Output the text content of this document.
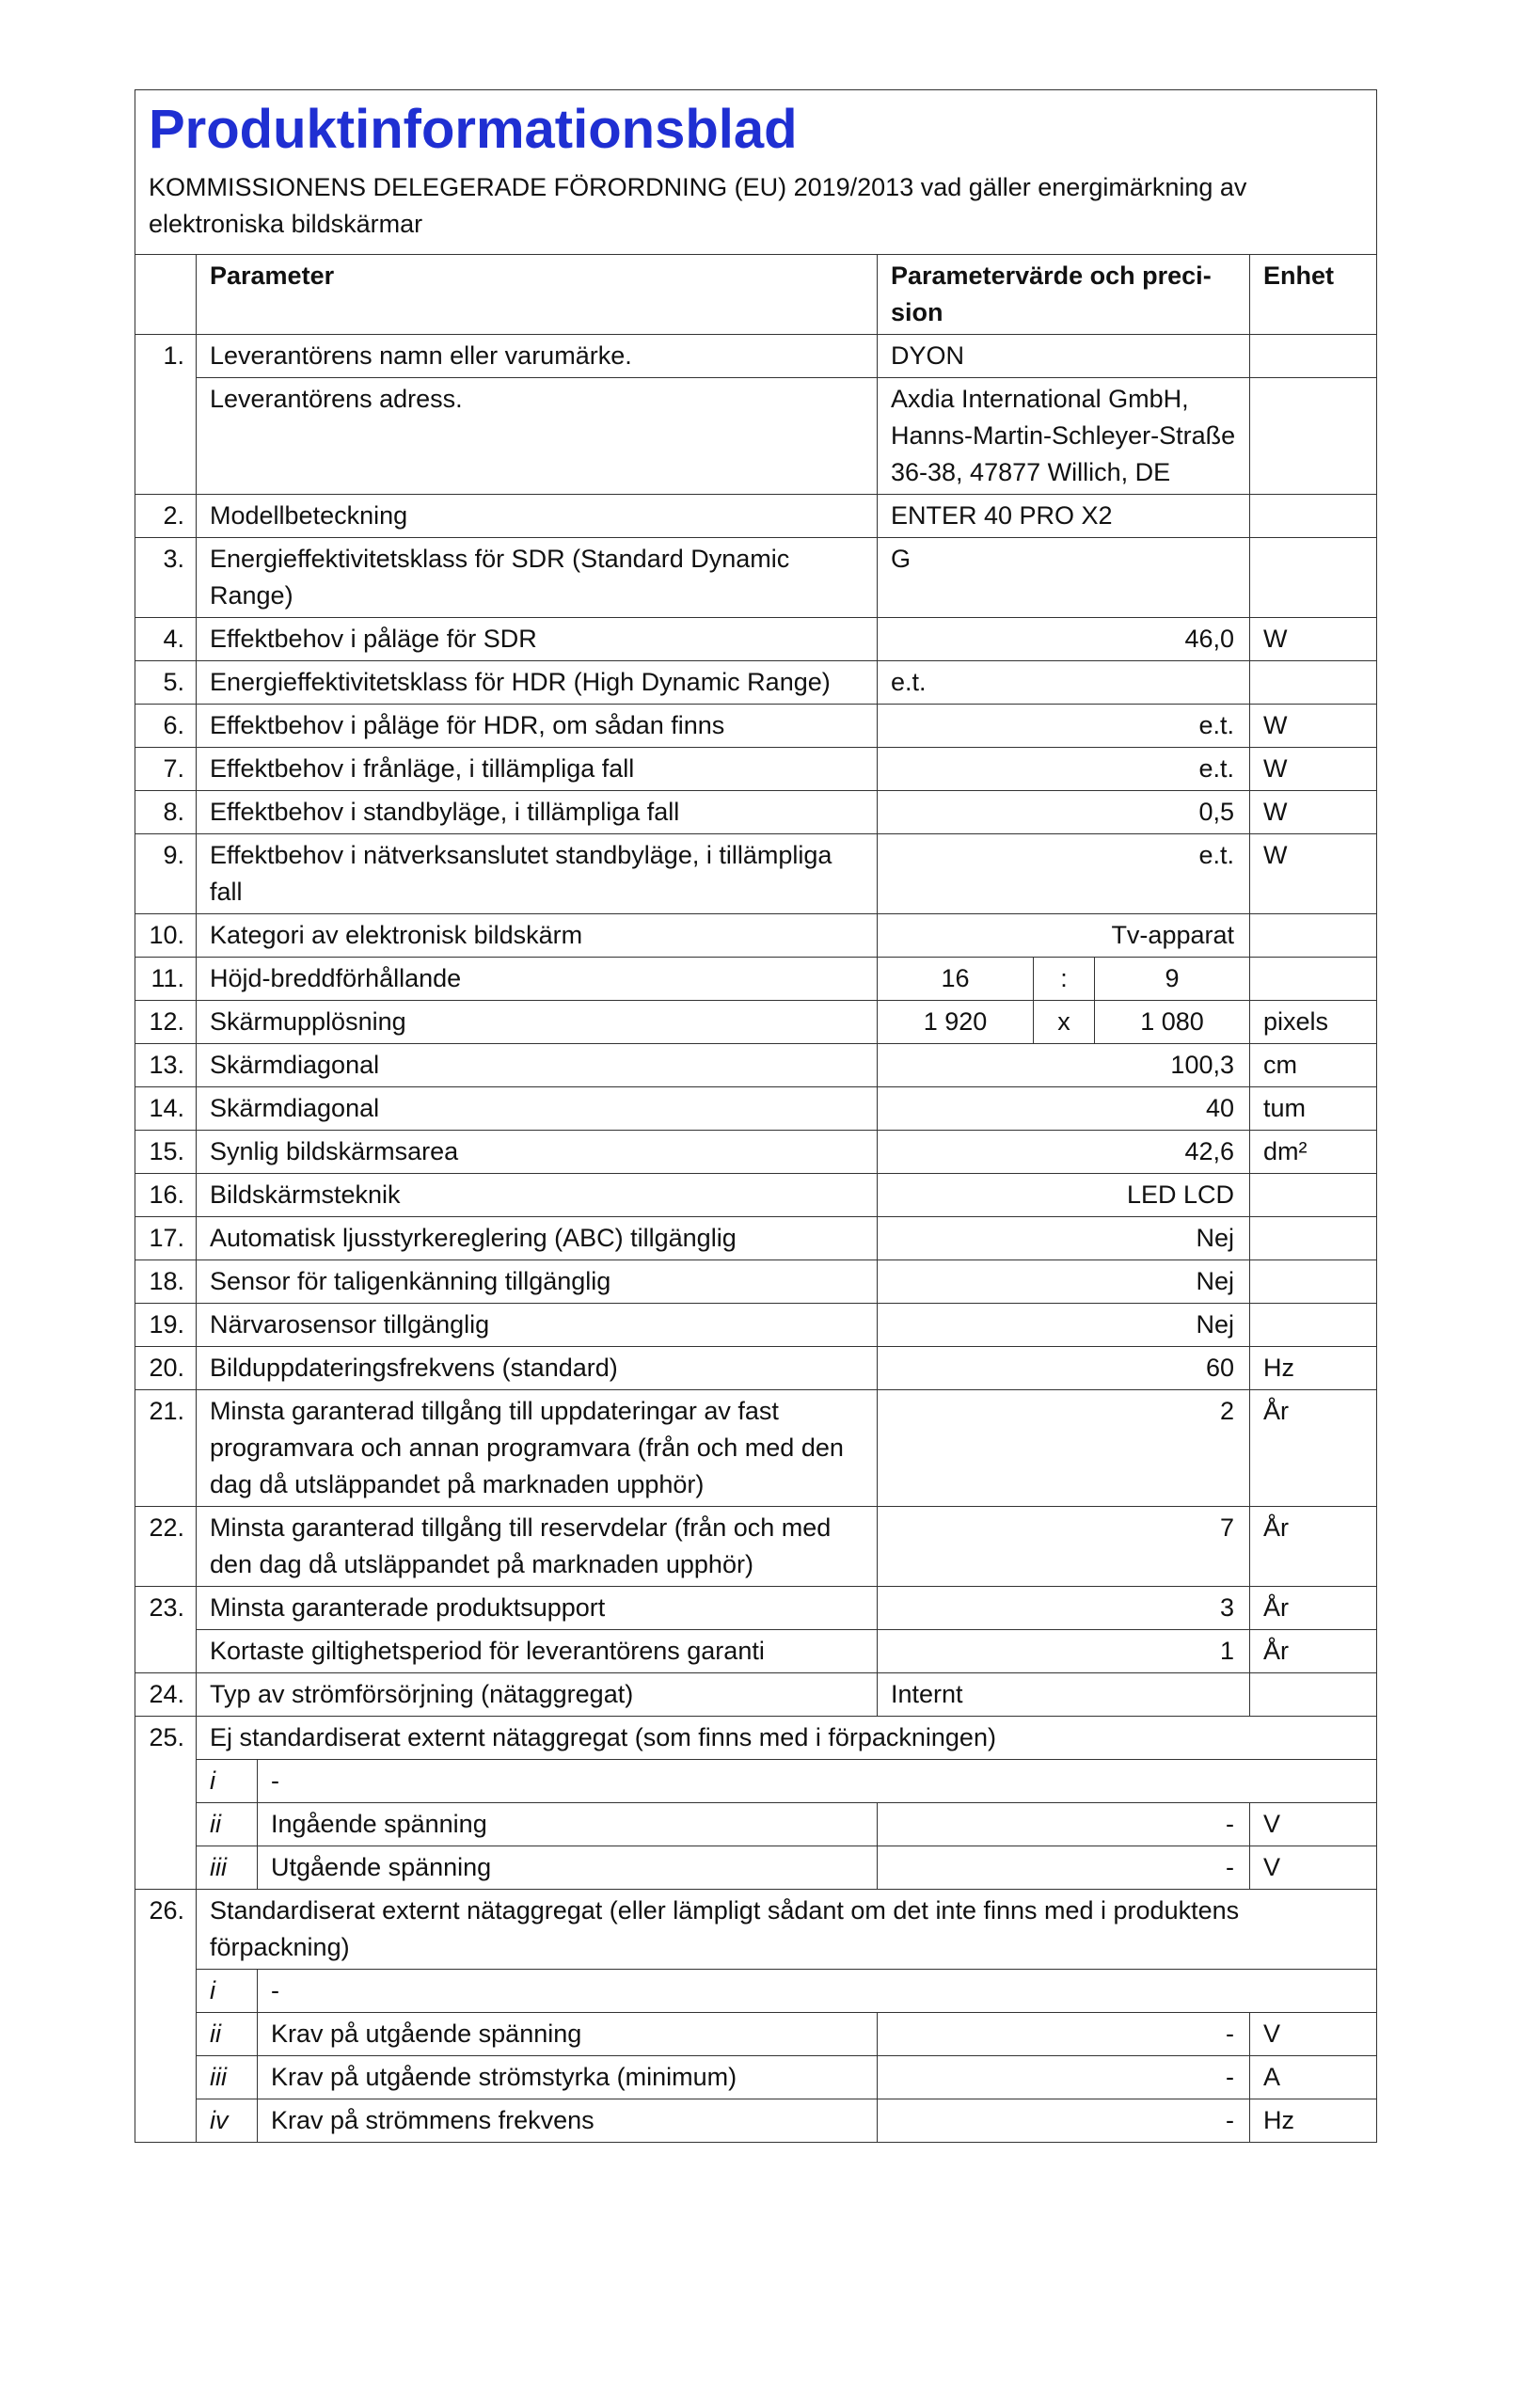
Produktinformationsblad
KOMMISSIONENS DELEGERADE FÖRORDNING (EU) 2019/2013 vad gäller energimärkning av elektroniska bildskärmar						

	Parameter		Parametervärde och precision			Enhet
1.	Leverantörens namn eller varumärke.		DYON			
	Leverantörens adress.		Axdia International GmbH, Hanns-Martin-Schleyer-Straße 36-38, 47877 Willich, DE			
2.	Modellbeteckning		ENTER 40 PRO X2			
3.	Energieffektivitetsklass för SDR (Standard Dynamic Range)		G			
4.	Effektbehov i påläge för SDR		46,0			W
5.	Energieffektivitetsklass för HDR (High Dynamic Range)		e.t.			
6.	Effektbehov i påläge för HDR, om sådan finns		e.t.			W
7.	Effektbehov i frånläge, i tillämpliga fall		e.t.			W
8.	Effektbehov i standbyläge, i tillämpliga fall		0,5			W
9.	Effektbehov i nätverksanslutet standbyläge, i tillämpliga fall		e.t.			W
10.	Kategori av elektronisk bildskärm		Tv-apparat			
11.	Höjd-breddförhållande		16	:	9	
12.	Skärmupplösning		1 920	x	1 080	pixels
13.	Skärmdiagonal		100,3			cm
14.	Skärmdiagonal		40			tum
15.	Synlig bildskärmsarea		42,6			dm²
16.	Bildskärmsteknik		LED LCD			
17.	Automatisk ljusstyrkereglering (ABC) tillgänglig		Nej			
18.	Sensor för taligenkänning tillgänglig		Nej			
19.	Närvarosensor tillgänglig		Nej			
20.	Bilduppdateringsfrekvens (standard)		60			Hz
21.	Minsta garanterad tillgång till uppdateringar av fast programvara och annan programvara (från och med den dag då utsläppandet på marknaden upphör)		2			År
22.	Minsta garanterad tillgång till reservdelar (från och med den dag då utsläppandet på marknaden upphör)		7			År
23.	Minsta garanterade produktsupport		3			År
	Kortaste giltighetsperiod för leverantörens garanti		1			År
24.	Typ av strömförsörjning (nätaggregat)		Internt			
25.	Ej standardiserat externt nätaggregat (som finns med i förpackningen)					
	i	-				
	ii	Ingående spänning	-			V
	iii	Utgående spänning	-			V
26.	Standardiserat externt nätaggregat (eller lämpligt sådant om det inte finns med i produktens förpackning)					
	i	-				
	ii	Krav på utgående spänning	-			V
	iii	Krav på utgående strömstyrka (minimum)	-			A
	iv	Krav på strömmens frekvens	-			Hz
